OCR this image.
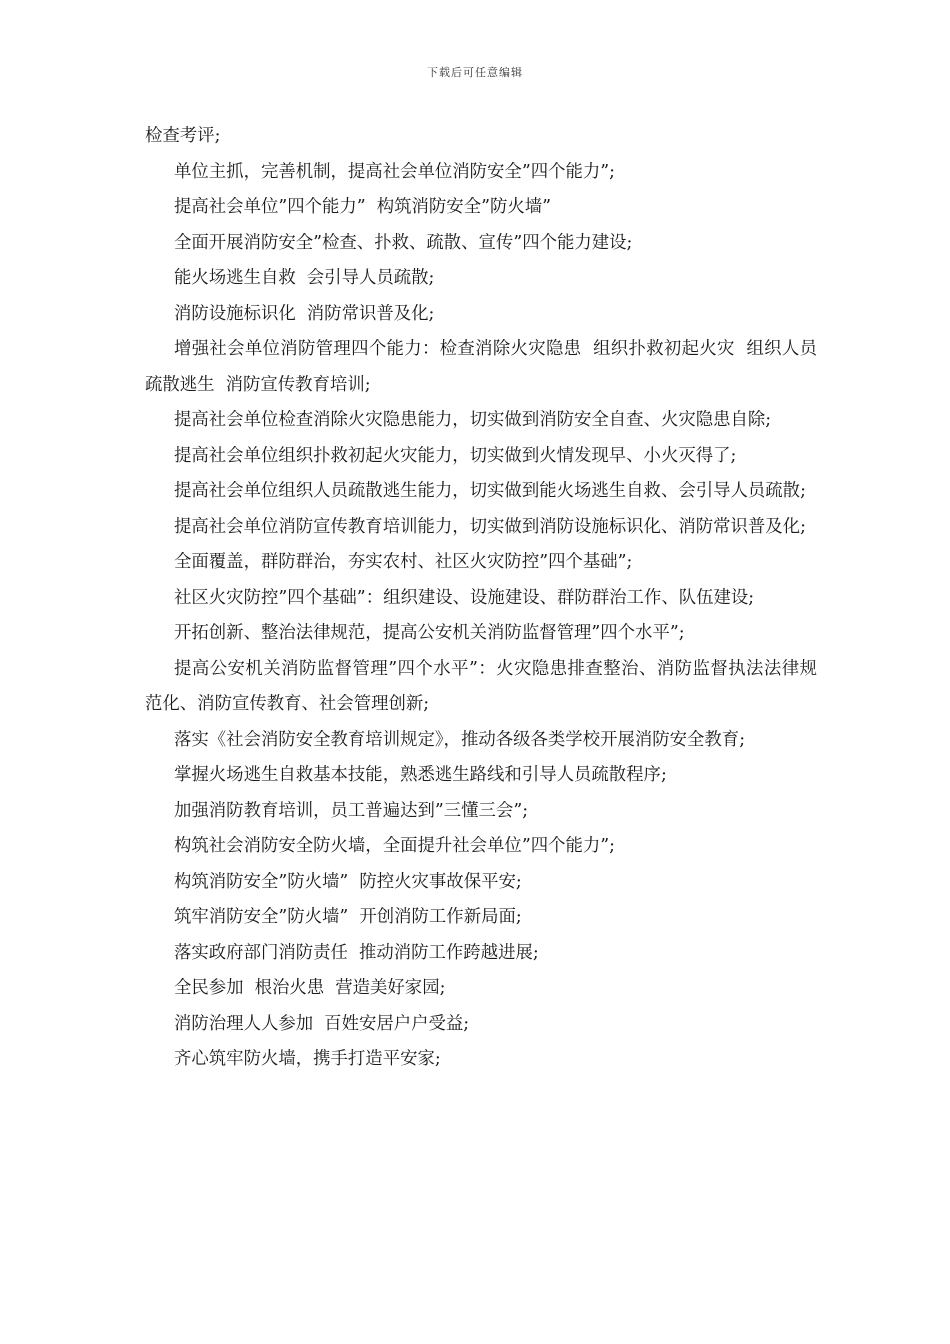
下载后可任意编辑

检查考评;

单位主抓，完善机制，提高社会单位消防安全”四个能力”;

提高社会单位”四个能力”  构筑消防安全”防火墙”

全面开展消防安全”检查、扑救、疏散、宣传”四个能力建设;

能火场逃生自救  会引导人员疏散;

消防设施标识化  消防常识普及化;

增强社会单位消防管理四个能力：检查消除火灾隐患  组织扑救初起火灾  组织人员疏散逃生  消防宣传教育培训;

提高社会单位检查消除火灾隐患能力，切实做到消防安全自查、火灾隐患自除;

提高社会单位组织扑救初起火灾能力，切实做到火情发现早、小火灭得了;

提高社会单位组织人员疏散逃生能力，切实做到能火场逃生自救、会引导人员疏散;

提高社会单位消防宣传教育培训能力，切实做到消防设施标识化、消防常识普及化;

全面覆盖，群防群治，夯实农村、社区火灾防控”四个基础”;

社区火灾防控”四个基础”：组织建设、设施建设、群防群治工作、队伍建设;

开拓创新、整治法律规范，提高公安机关消防监督管理”四个水平”;

提高公安机关消防监督管理”四个水平”：火灾隐患排查整治、消防监督执法法律规范化、消防宣传教育、社会管理创新;

落实《社会消防安全教育培训规定》，推动各级各类学校开展消防安全教育;

掌握火场逃生自救基本技能，熟悉逃生路线和引导人员疏散程序;

加强消防教育培训，员工普遍达到”三懂三会”;

构筑社会消防安全防火墙，全面提升社会单位”四个能力”;

构筑消防安全”防火墙”  防控火灾事故保平安;

筑牢消防安全”防火墙”  开创消防工作新局面;

落实政府部门消防责任  推动消防工作跨越进展;

全民参加  根治火患  营造美好家园;

消防治理人人参加  百姓安居户户受益;

齐心筑牢防火墙，携手打造平安家;
